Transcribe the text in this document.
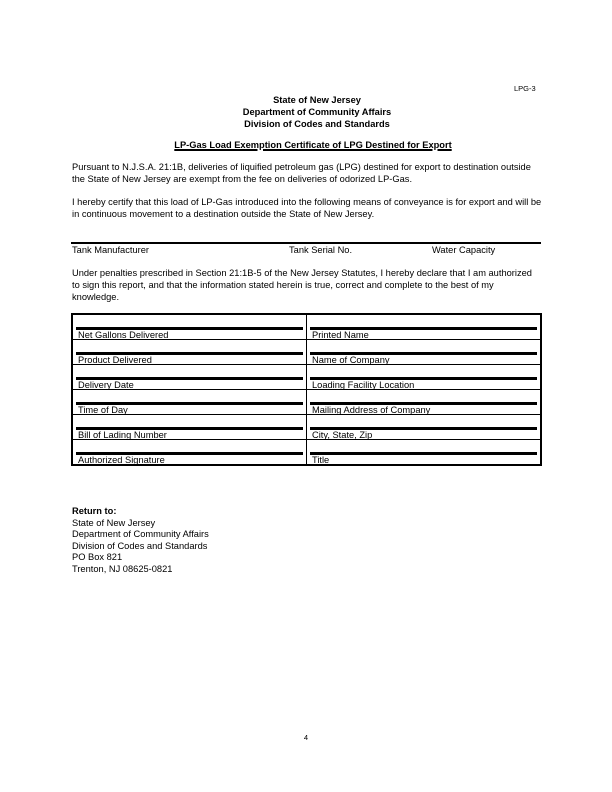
LPG-3
State of New Jersey
Department of Community Affairs
Division of Codes and Standards
LP-Gas Load Exemption Certificate of LPG Destined for Export
Pursuant to N.J.S.A. 21:1B, deliveries of liquified petroleum gas (LPG) destined for export to destination outside the State of New Jersey are exempt from the fee on deliveries of odorized LP-Gas.
I hereby certify that this load of LP-Gas introduced into the following means of conveyance is for export and will be in continuous movement to a destination outside the State of New Jersey.
Tank Manufacturer	Tank Serial No.	Water Capacity
Under penalties prescribed in Section 21:1B-5 of the New Jersey Statutes, I hereby declare that I am authorized to sign this report, and that the information stated herein is true, correct and complete to the best of my knowledge.
Net Gallons Delivered	Printed Name
Product Delivered	Name of Company
Delivery Date	Loading Facility Location
Time of Day	Mailing Address of Company
Bill of Lading Number	City, State, Zip
Authorized Signature	Title
Return to:
State of New Jersey
Department of Community Affairs
Division of Codes and Standards
PO Box 821
Trenton, NJ 08625-0821
4
